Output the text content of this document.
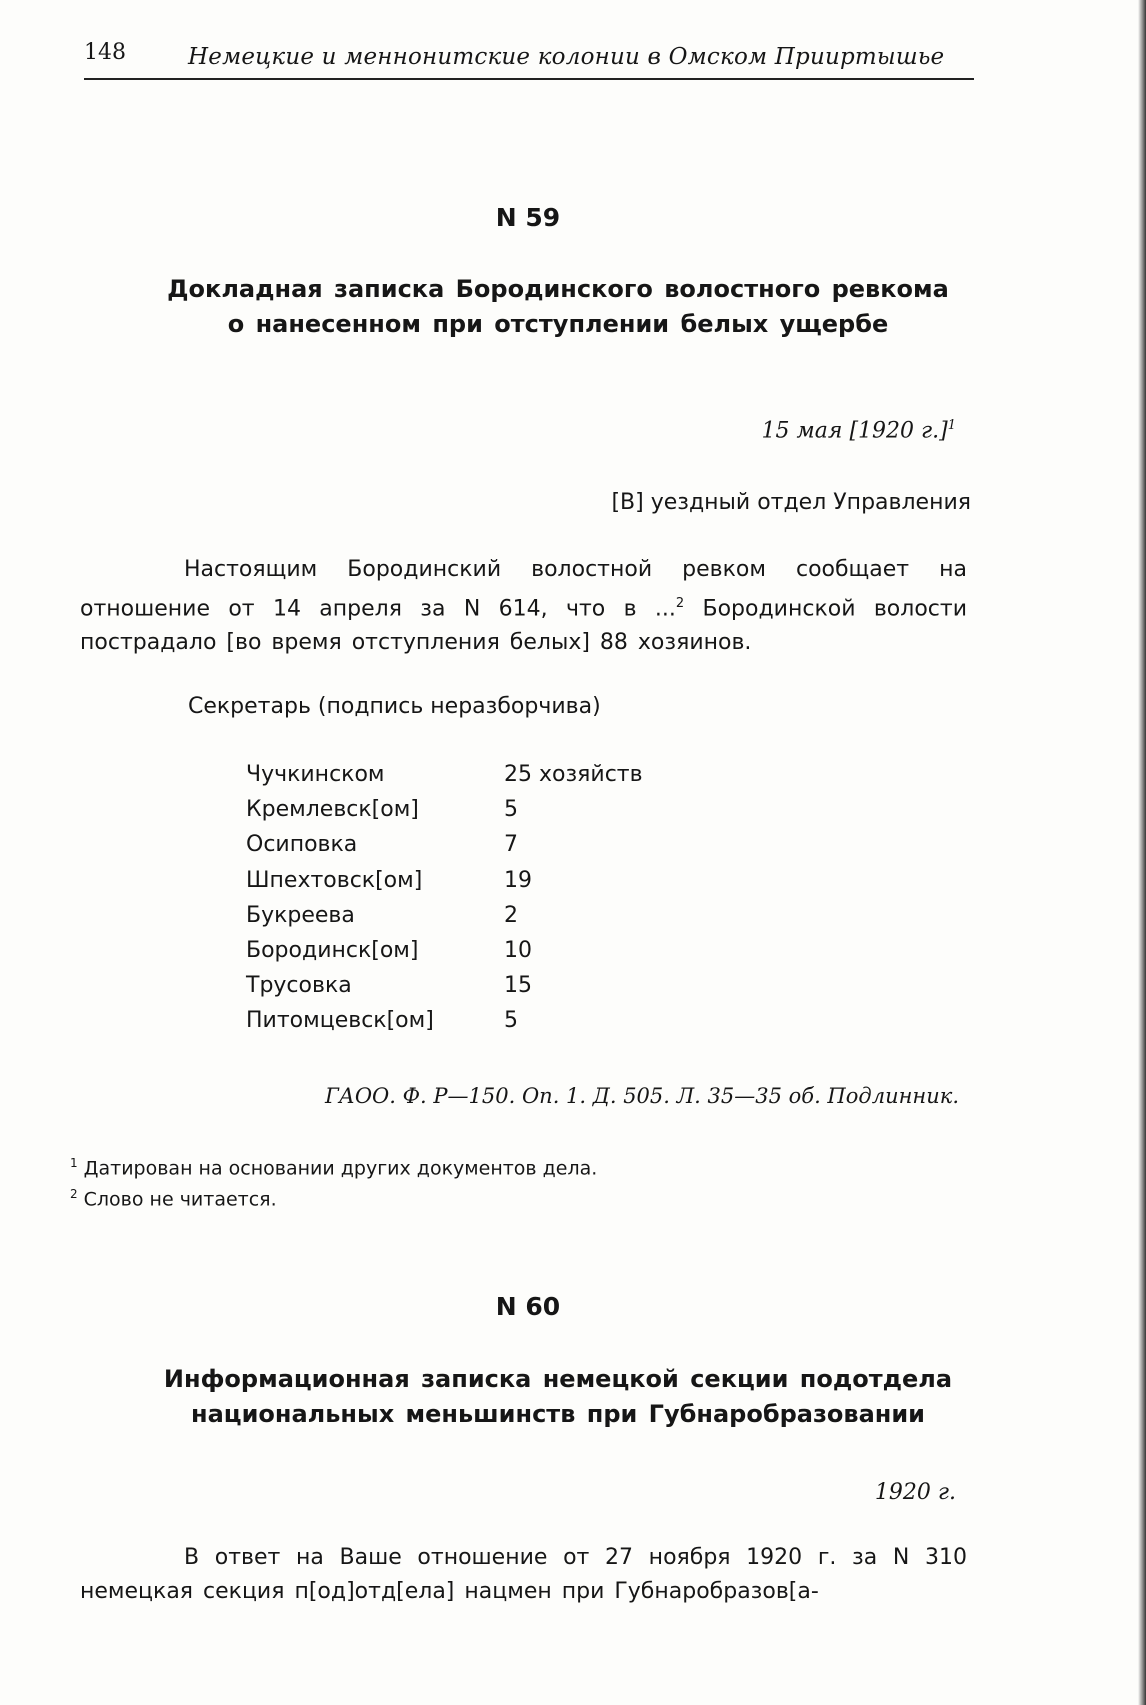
148	Немецкие и меннонитские колонии в Омском Прииртышье
N 59
Докладная записка Бородинского волостного ревкома
о нанесенном при отступлении белых ущербе
15 мая [1920 г.]$^1$
[В] уездный отдел Управления
Настоящим Бородинский волостной ревком сообщает на отношение от 14 апреля за N 614, что в ...$^2$ Бородинской волости пострадало [во время отступления белых] 88 хозяинов.
Секретарь (подпись неразборчива)
Чучкинском	25 хозяйств
Кремлевск[ом]	5
Осиповка	7
Шпехтовск[ом]	19
Букреева	2
Бородинск[ом]	10
Трусовка	15
Питомцевск[ом]	5
ГАОО. Ф. Р—150. Оп. 1. Д. 505. Л. 35—35 об. Подлинник.
$^1$ Датирован на основании других документов дела.
$^2$ Слово не читается.
N 60
Информационная записка немецкой секции подотдела
национальных меньшинств при Губнаробразовании
1920 г.
В ответ на Ваше отношение от 27 ноября 1920 г. за N 310 немецкая секция п[од]отд[ела] нацмен при Губнаробразов[а-
